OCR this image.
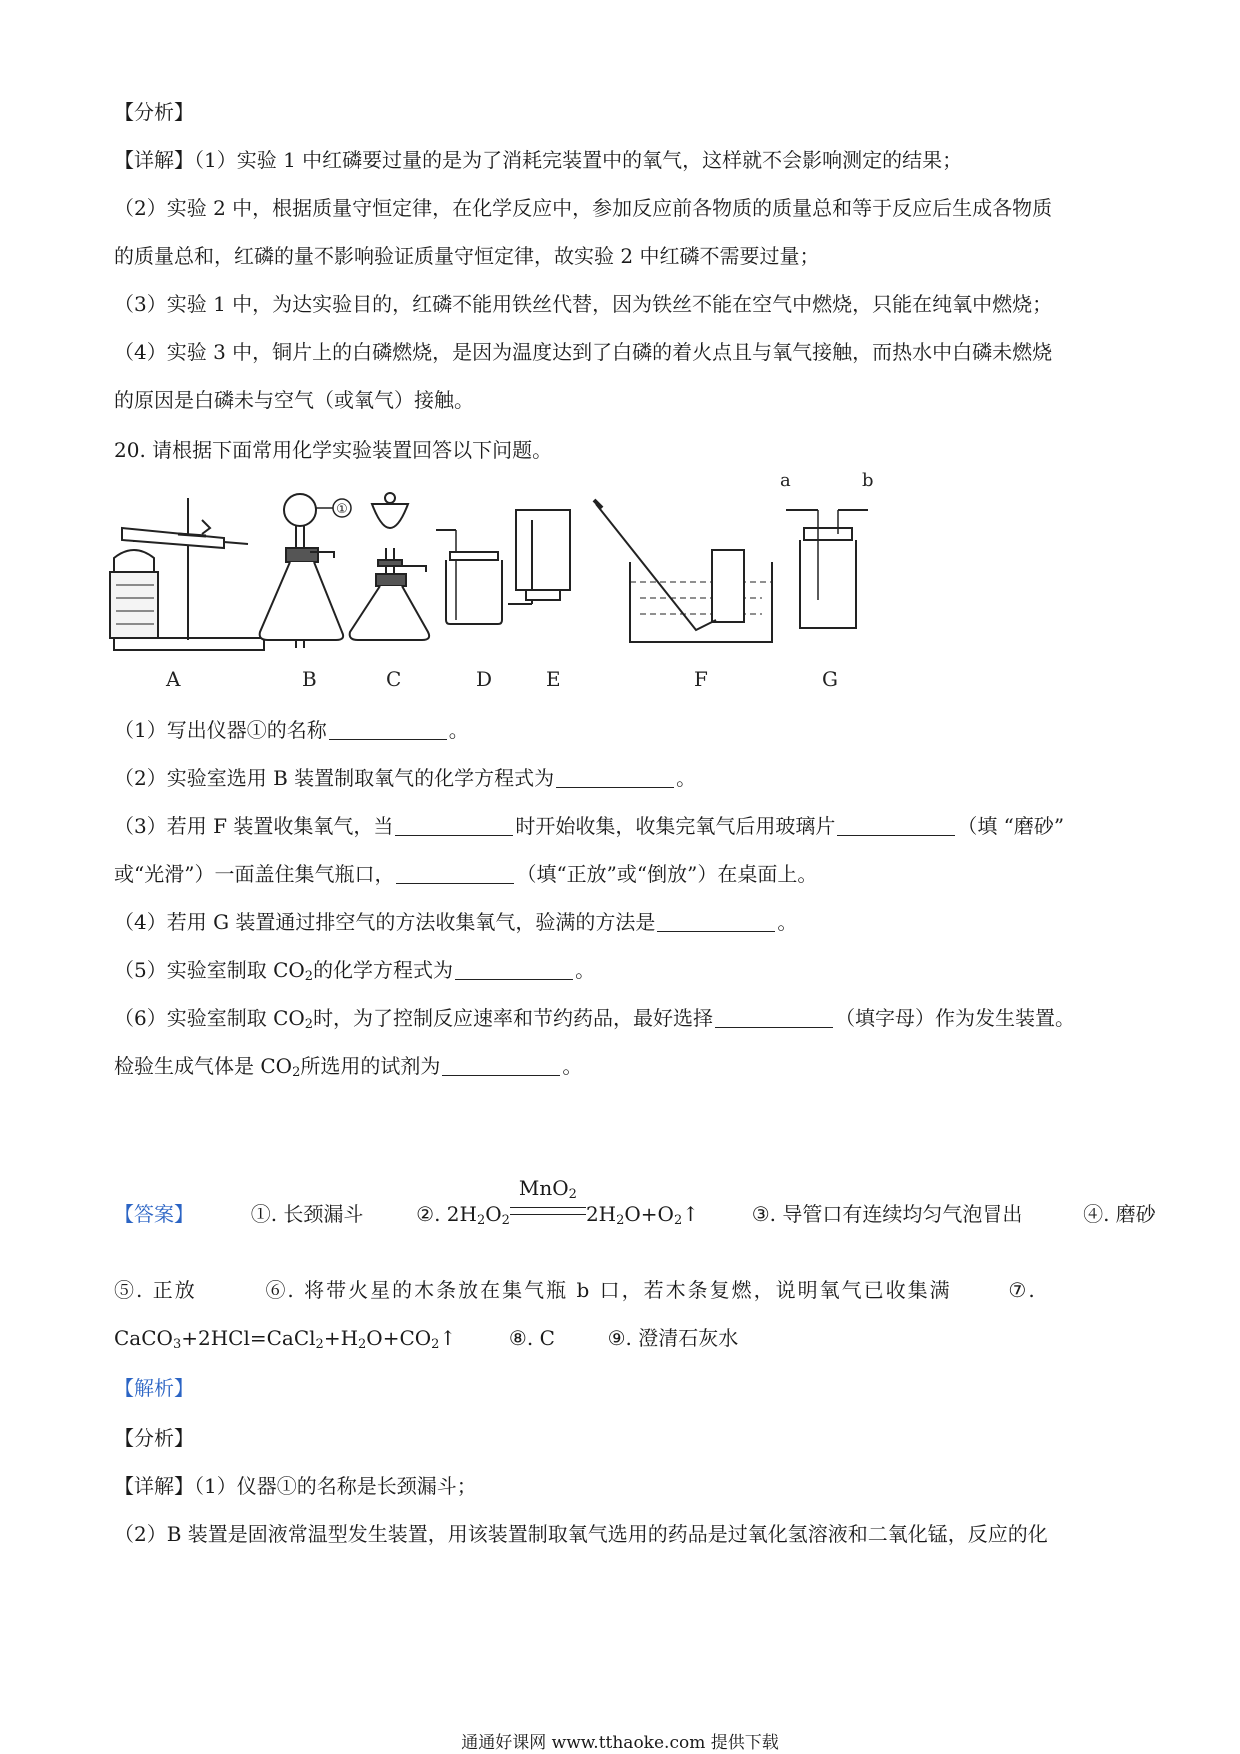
【分析】
【详解】（1）实验 1 中红磷要过量的是为了消耗完装置中的氧气，这样就不会影响测定的结果；
（2）实验 2 中，根据质量守恒定律，在化学反应中，参加反应前各物质的质量总和等于反应后生成各物质
的质量总和，红磷的量不影响验证质量守恒定律，故实验 2 中红磷不需要过量；
（3）实验 1 中，为达实验目的，红磷不能用铁丝代替，因为铁丝不能在空气中燃烧，只能在纯氧中燃烧；
（4）实验 3 中，铜片上的白磷燃烧，是因为温度达到了白磷的着火点且与氧气接触，而热水中白磷未燃烧
的原因是白磷未与空气（或氧气）接触。
20. 请根据下面常用化学实验装置回答以下问题。
①
a	b
A	B	C	D	E	F	G
（1）写出仪器①的名称	。
（2）实验室选用 B 装置制取氧气的化学方程式为	。
（3）若用 F 装置收集氧气，当	时开始收集，收集完氧气后用玻璃片	（填 “磨砂”
或“光滑”）一面盖住集气瓶口，	（填“正放”或“倒放”）在桌面上。
（4）若用 G 装置通过排空气的方法收集氧气，验满的方法是	。
（5）实验室制取 $CO_2$的化学方程式为	。
（6）实验室制取 $CO_2$时，为了控制反应速率和节约药品，最好选择	（填字母）作为发生装置。
检验生成气体是 $CO_2$所选用的试剂为	。
【答案】	①. 长颈漏斗	②. $2H_2O_2$
MnO$_2$
$2H_2O+O_2↑$	③. 导管口有连续均匀气泡冒出	④. 磨砂
⑤. 正放	⑥. 将带火星的木条放在集气瓶 b 口，若木条复燃，说明氧气已收集满	⑦.
$CaCO_3+2HCl=CaCl_2+H_2O+CO_2↑$	⑧. C	⑨. 澄清石灰水
【解析】
【分析】
【详解】（1）仪器①的名称是长颈漏斗；
（2）B 装置是固液常温型发生装置，用该装置制取氧气选用的药品是过氧化氢溶液和二氧化锰，反应的化
通通好课网 www.tthaoke.com 提供下载
